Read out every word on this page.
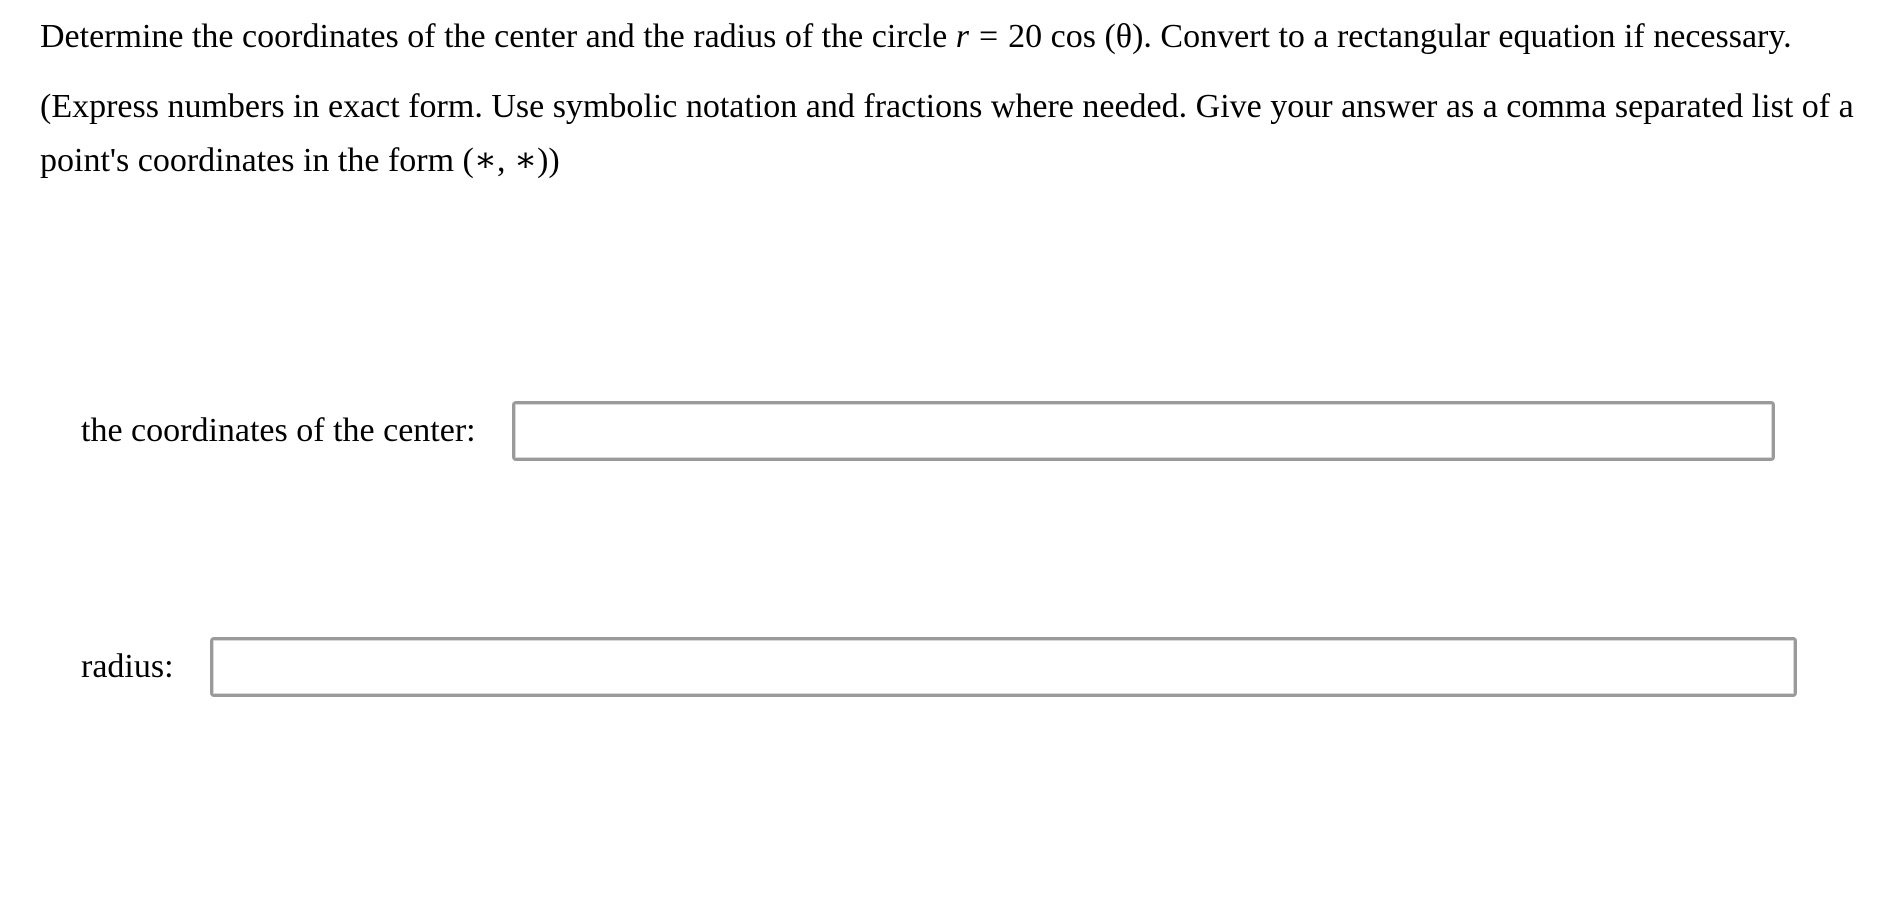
Determine the coordinates of the center and the radius of the circle r = 20 cos (θ). Convert to a rectangular equation if necessary.

(Express numbers in exact form. Use symbolic notation and fractions where needed. Give your answer as a comma separated list of a point's coordinates in the form (∗, ∗))

the coordinates of the center:
radius:
